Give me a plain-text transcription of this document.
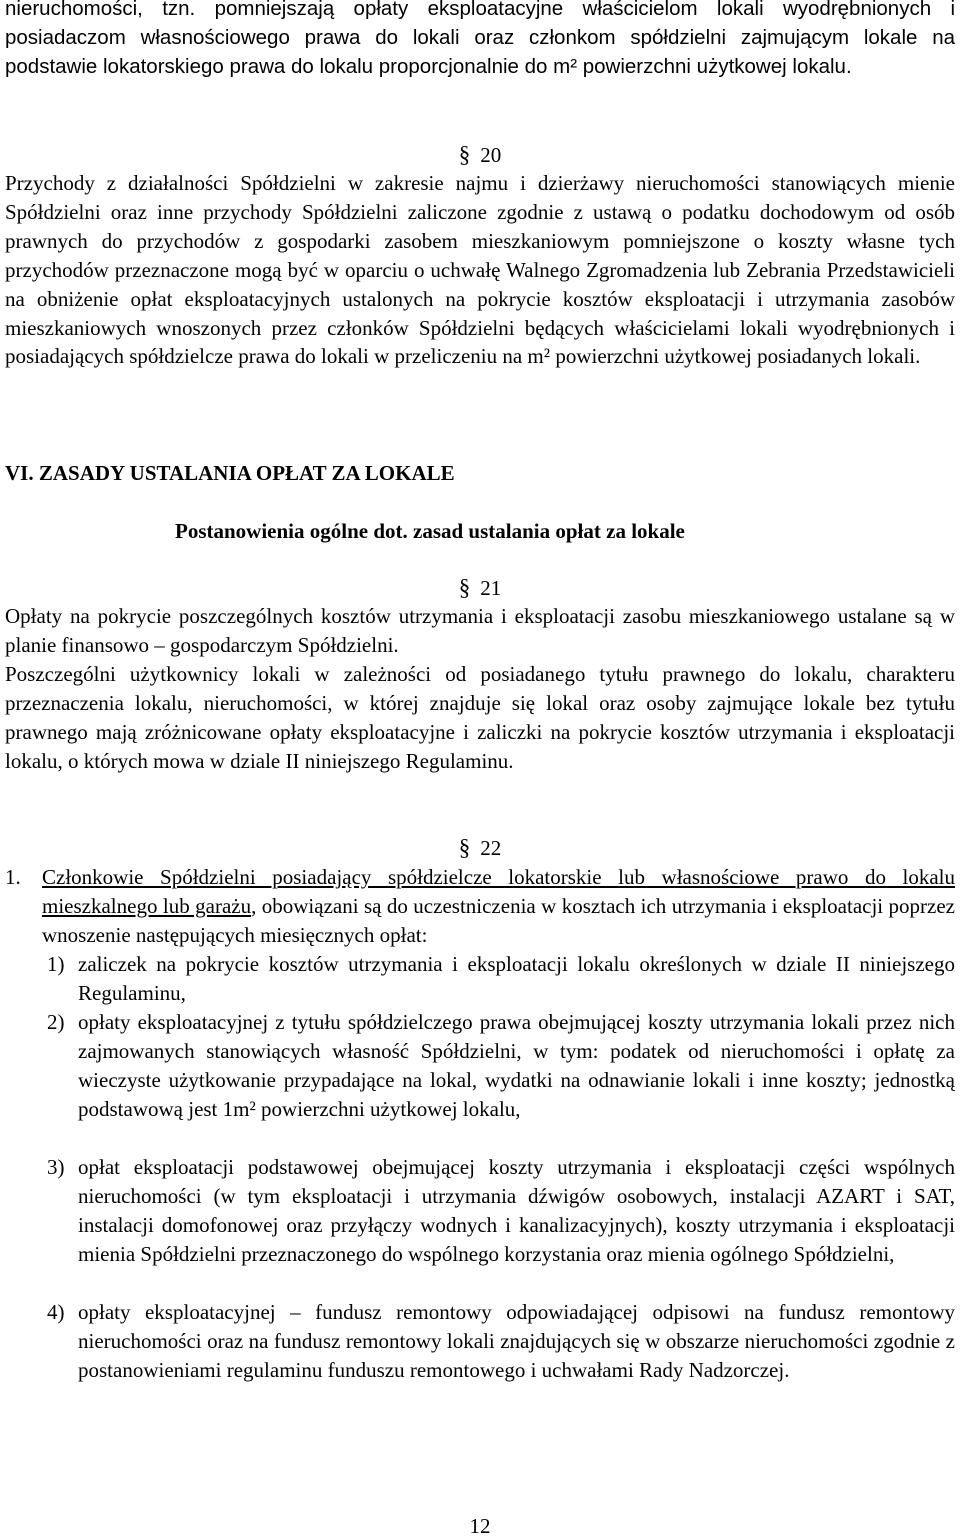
nieruchomości, tzn. pomniejszają opłaty eksploatacyjne właścicielom lokali wyodrębnionych i posiadaczom własnościowego prawa do lokali oraz członkom spółdzielni zajmującym lokale na podstawie lokatorskiego prawa do lokalu proporcjonalnie do m² powierzchni użytkowej lokalu.

§ 20

Przychody z działalności Spółdzielni w zakresie najmu i dzierżawy nieruchomości stanowiących mienie Spółdzielni oraz inne przychody Spółdzielni zaliczone zgodnie z ustawą o podatku dochodowym od osób prawnych do przychodów z gospodarki zasobem mieszkaniowym pomniejszone o koszty własne tych przychodów przeznaczone mogą być w oparciu o uchwałę Walnego Zgromadzenia lub Zebrania Przedstawicieli na obniżenie opłat eksploatacyjnych ustalonych na pokrycie kosztów eksploatacji i utrzymania zasobów mieszkaniowych wnoszonych przez członków Spółdzielni będących właścicielami lokali wyodrębnionych i posiadających spółdzielcze prawa do lokali w przeliczeniu na m² powierzchni użytkowej posiadanych lokali.

VI. ZASADY USTALANIA OPŁAT ZA LOKALE
Postanowienia ogólne dot. zasad ustalania opłat za lokale
§ 21

Opłaty na pokrycie poszczególnych kosztów utrzymania i eksploatacji zasobu mieszkaniowego ustalane są w planie finansowo – gospodarczym Spółdzielni.

Poszczególni użytkownicy lokali w zależności od posiadanego tytułu prawnego do lokalu, charakteru przeznaczenia lokalu, nieruchomości, w której znajduje się lokal oraz osoby zajmujące lokale bez tytułu prawnego mają zróżnicowane opłaty eksploatacyjne i zaliczki na pokrycie kosztów utrzymania i eksploatacji lokalu, o których mowa w dziale II niniejszego Regulaminu.

§ 22
1. Członkowie Spółdzielni posiadający spółdzielcze lokatorskie lub własnościowe prawo do lokalu mieszkalnego lub garażu, obowiązani są do uczestniczenia w kosztach ich utrzymania i eksploatacji poprzez wnoszenie następujących miesięcznych opłat:

1) zaliczek na pokrycie kosztów utrzymania i eksploatacji lokalu określonych w dziale II niniejszego Regulaminu,

2) opłaty eksploatacyjnej z tytułu spółdzielczego prawa obejmującej koszty utrzymania lokali przez nich zajmowanych stanowiących własność Spółdzielni, w tym: podatek od nieruchomości i opłatę za wieczyste użytkowanie przypadające na lokal, wydatki na odnawianie lokali i inne koszty; jednostką podstawową jest 1m² powierzchni użytkowej lokalu,

3) opłat eksploatacji podstawowej obejmującej koszty utrzymania i eksploatacji części wspólnych nieruchomości (w tym eksploatacji i utrzymania dźwigów osobowych, instalacji AZART i SAT, instalacji domofonowej oraz przyłączy wodnych i kanalizacyjnych), koszty utrzymania i eksploatacji mienia Spółdzielni przeznaczonego do wspólnego korzystania oraz mienia ogólnego Spółdzielni,

4) opłaty eksploatacyjnej – fundusz remontowy odpowiadającej odpisowi na fundusz remontowy nieruchomości oraz na fundusz remontowy lokali znajdujących się w obszarze nieruchomości zgodnie z postanowieniami regulaminu funduszu remontowego i uchwałami Rady Nadzorczej.

12
